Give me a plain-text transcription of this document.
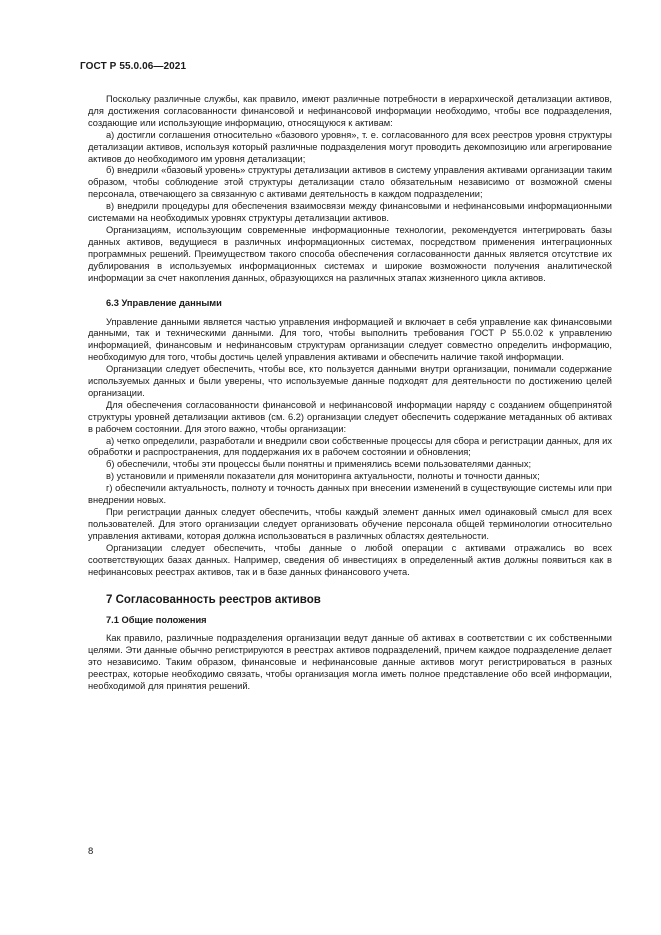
ГОСТ Р 55.0.06—2021

Поскольку различные службы, как правило, имеют различные потребности в иерархической детализации активов, для достижения согласованности финансовой и нефинансовой информации необходимо, чтобы все подразделения, создающие или использующие информацию, относящуюся к активам:

а) достигли соглашения относительно «базового уровня», т. е. согласованного для всех реестров уровня структуры детализации активов, используя который различные подразделения могут проводить декомпозицию или агрегирование активов до необходимого им уровня детализации;

б) внедрили «базовый уровень» структуры детализации активов в систему управления активами организации таким образом, чтобы соблюдение этой структуры детализации стало обязательным независимо от возможной смены персонала, отвечающего за связанную с активами деятельность в каждом подразделении;

в) внедрили процедуры для обеспечения взаимосвязи между финансовыми и нефинансовыми информационными системами на необходимых уровнях структуры детализации активов.

Организациям, использующим современные информационные технологии, рекомендуется интегрировать базы данных активов, ведущиеся в различных информационных системах, посредством применения интеграционных программных решений. Преимуществом такого способа обеспечения согласованности данных является отсутствие их дублирования в используемых информационных системах и широкие возможности получения аналитической информации за счет накопления данных, образующихся на различных этапах жизненного цикла активов.

6.3 Управление данными

Управление данными является частью управления информацией и включает в себя управление как финансовыми данными, так и техническими данными. Для того, чтобы выполнить требования ГОСТ Р 55.0.02 к управлению информацией, финансовым и нефинансовым структурам организации следует совместно определить информацию, необходимую для того, чтобы достичь целей управления активами и обеспечить наличие такой информации.

Организации следует обеспечить, чтобы все, кто пользуется данными внутри организации, понимали содержание используемых данных и были уверены, что используемые данные подходят для деятельности по достижению целей организации.

Для обеспечения согласованности финансовой и нефинансовой информации наряду с созданием общепринятой структуры уровней детализации активов (см. 6.2) организации следует обеспечить содержание метаданных об активах в рабочем состоянии. Для этого важно, чтобы организации:

а) четко определили, разработали и внедрили свои собственные процессы для сбора и регистрации данных, для их обработки и распространения, для поддержания их в рабочем состоянии и обновления;

б) обеспечили, чтобы эти процессы были понятны и применялись всеми пользователями данных;

в) установили и применяли показатели для мониторинга актуальности, полноты и точности данных;

г) обеспечили актуальность, полноту и точность данных при внесении изменений в существующие системы или при внедрении новых.

При регистрации данных следует обеспечить, чтобы каждый элемент данных имел одинаковый смысл для всех пользователей. Для этого организации следует организовать обучение персонала общей терминологии относительно управления активами, которая должна использоваться в различных областях деятельности.

Организации следует обеспечить, чтобы данные о любой операции с активами отражались во всех соответствующих базах данных. Например, сведения об инвестициях в определенный актив должны появиться как в нефинансовых реестрах активов, так и в базе данных финансового учета.

7 Согласованность реестров активов
7.1 Общие положения

Как правило, различные подразделения организации ведут данные об активах в соответствии с их собственными целями. Эти данные обычно регистрируются в реестрах активов подразделений, причем каждое подразделение делает это независимо. Таким образом, финансовые и нефинансовые данные активов могут регистрироваться в разных реестрах, которые необходимо связать, чтобы организация могла иметь полное представление обо всей информации, необходимой для принятия решений.

8
